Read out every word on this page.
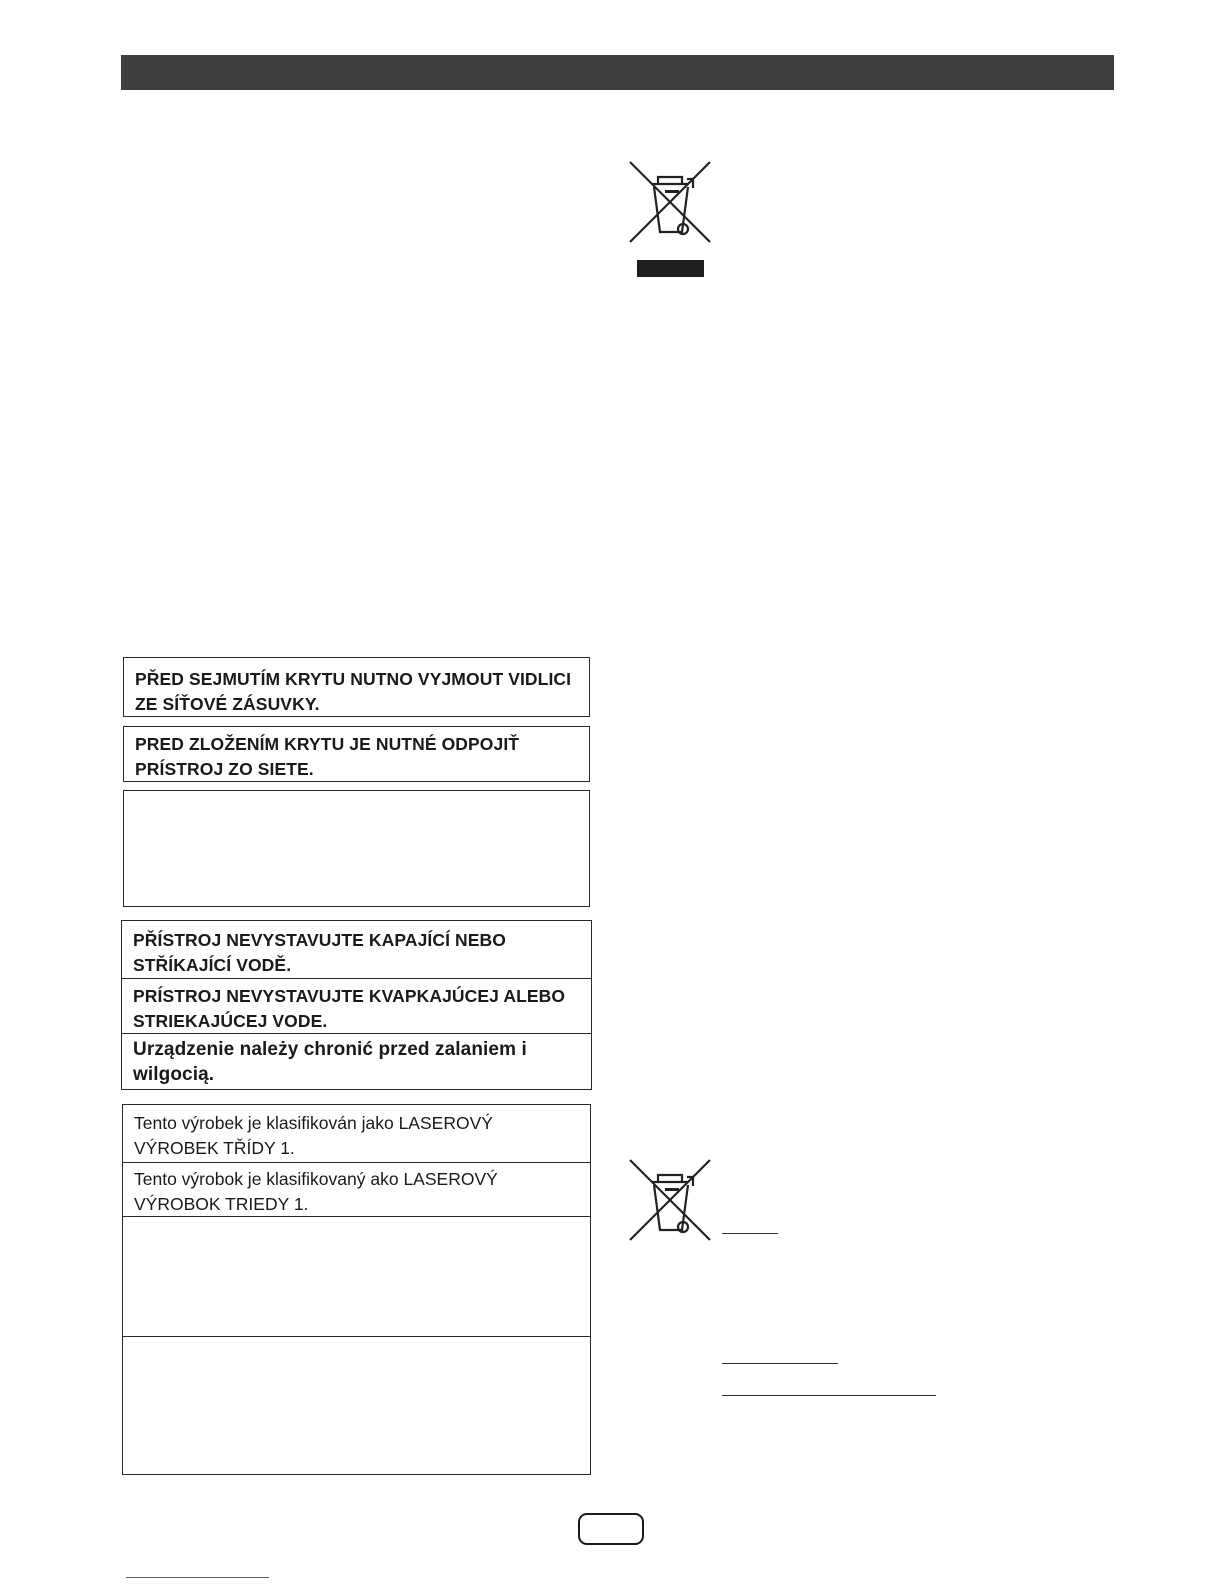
PŘED SEJMUTÍM KRYTU NUTNO VYJMOUT VIDLICI ZE SÍŤOVÉ ZÁSUVKY.
PRED ZLOŽENÍM KRYTU JE NUTNÉ ODPOJIŤ PRÍSTROJ ZO SIETE.
PŘÍSTROJ NEVYSTAVUJTE KAPAJÍCÍ NEBO STŘÍKAJÍCÍ VODĚ.
PRÍSTROJ NEVYSTAVUJTE KVAPKAJÚCEJ ALEBO STRIEKAJÚCEJ VODE.
Urządzenie należy chronić przed zalaniem i wilgocią.
Tento výrobek je klasifikován jako LASEROVÝ VÝROBEK TŘÍDY 1.
Tento výrobok je klasifikovaný ako LASEROVÝ VÝROBOK TRIEDY 1.
